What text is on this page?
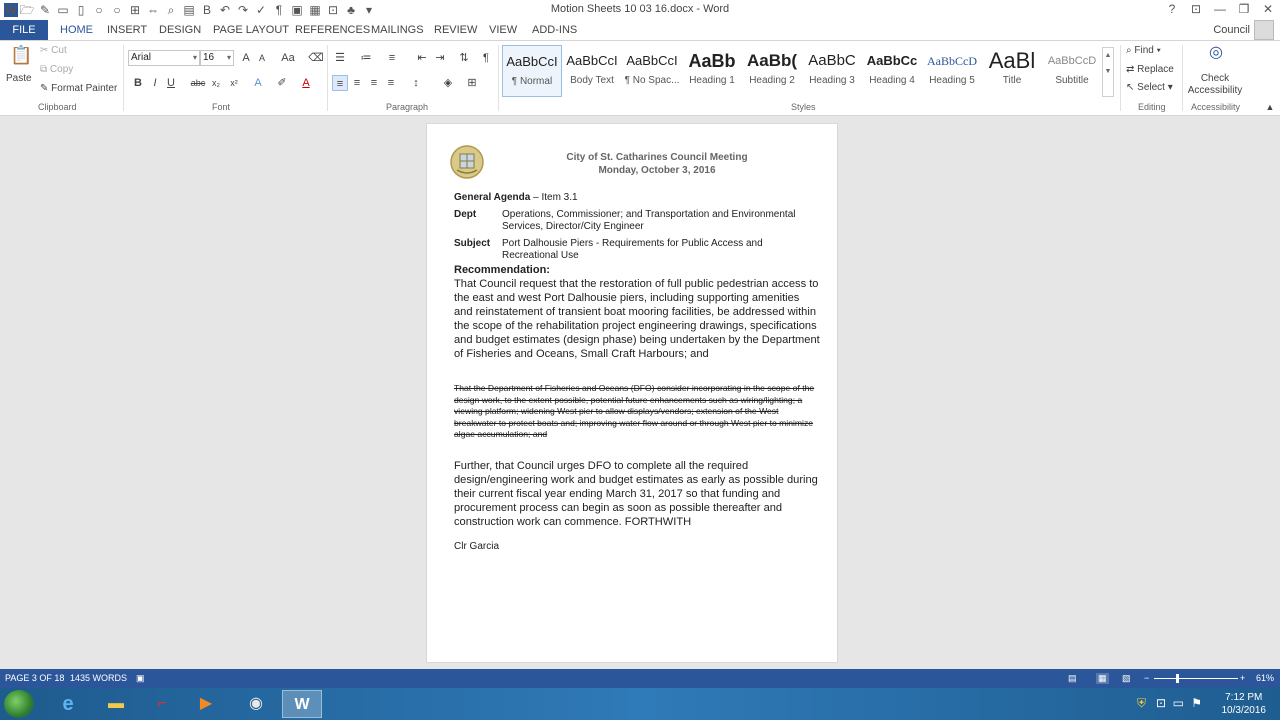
W 🗁 ✎ ▭ ▯ ○ ○ ⊞ ⇔ ⌕ ▤ B ↶ ↷ ✓ ¶ ▣ ▦ ⊡ ♣ ▾	Motion Sheets 10 03 16.docx - Word	?	⊡	—	❐	✕
FILE	HOME INSERT DESIGN PAGE LAYOUT REFERENCES MAILINGS REVIEW VIEW ADD-INS	Council
📋
Paste
✂ Cut
⧉ Copy
✎ Format Painter
Clipboard
Arial	▾ 16 ▾	A	A	Aa ⌫
B	I U	abc x₂	x²	A	✐	A
Font
☰ ≔	≡	⇤ ⇥	⇅	¶
≡ ≡ ≡ ≡	↕	◈	⊞
Paragraph
AaBbCcI
¶ Normal
AaBbCcI
Body Text
AaBbCcI
¶ No Spac...
AaBb
Heading 1
AaBb(
Heading 2
AaBbC
Heading 3
AaBbCc
Heading 4
AaBbCcD
Heading 5
AaBl
Title
AaBbCcD
Subtitle
▲
▼
Styles
⌕ Find ▾
⇄ Replace
↖ Select ▾
Editing
◎
Check Accessibility
Accessibility	▲
City of St. Catharines Council Meeting
Monday, October 3, 2016
General Agenda – Item 3.1
Dept	Operations, Commissioner; and Transportation and Environmental Services, Director/City Engineer
Subject Port Dalhousie Piers - Requirements for Public Access and Recreational Use
Recommendation:
That Council request that the restoration of full public pedestrian access to the east and west Port Dalhousie piers, including supporting amenities and reinstatement of transient boat mooring facilities, be addressed within the scope of the rehabilitation project engineering drawings, specifications and budget estimates (design phase) being undertaken by the Department of Fisheries and Oceans, Small Craft Harbours; and
That the Department of Fisheries and Oceans (DFO) consider incorporating in the scope of the design work, to the extent possible, potential future enhancements such as wiring/lighting; a viewing platform; widening West pier to allow displays/vendors; extension of the West breakwater to protect boats and; improving water flow around or through West pier to minimize algae accumulation; and
Further, that Council urges DFO to complete all the required design/engineering work and budget estimates as early as possible during their current fiscal year ending March 31, 2017 so that funding and procurement process can begin as soon as possible thereafter and construction work can commence. FORTHWITH
Clr Garcia
PAGE 3 OF 18 1435 WORDS ▣	▤ ▦ ▧ −	+ 61%
e	▬	⌐	▶	◉	W	⛨ ⊡ ▭ ⚑	7:12 PM
10/3/2016
